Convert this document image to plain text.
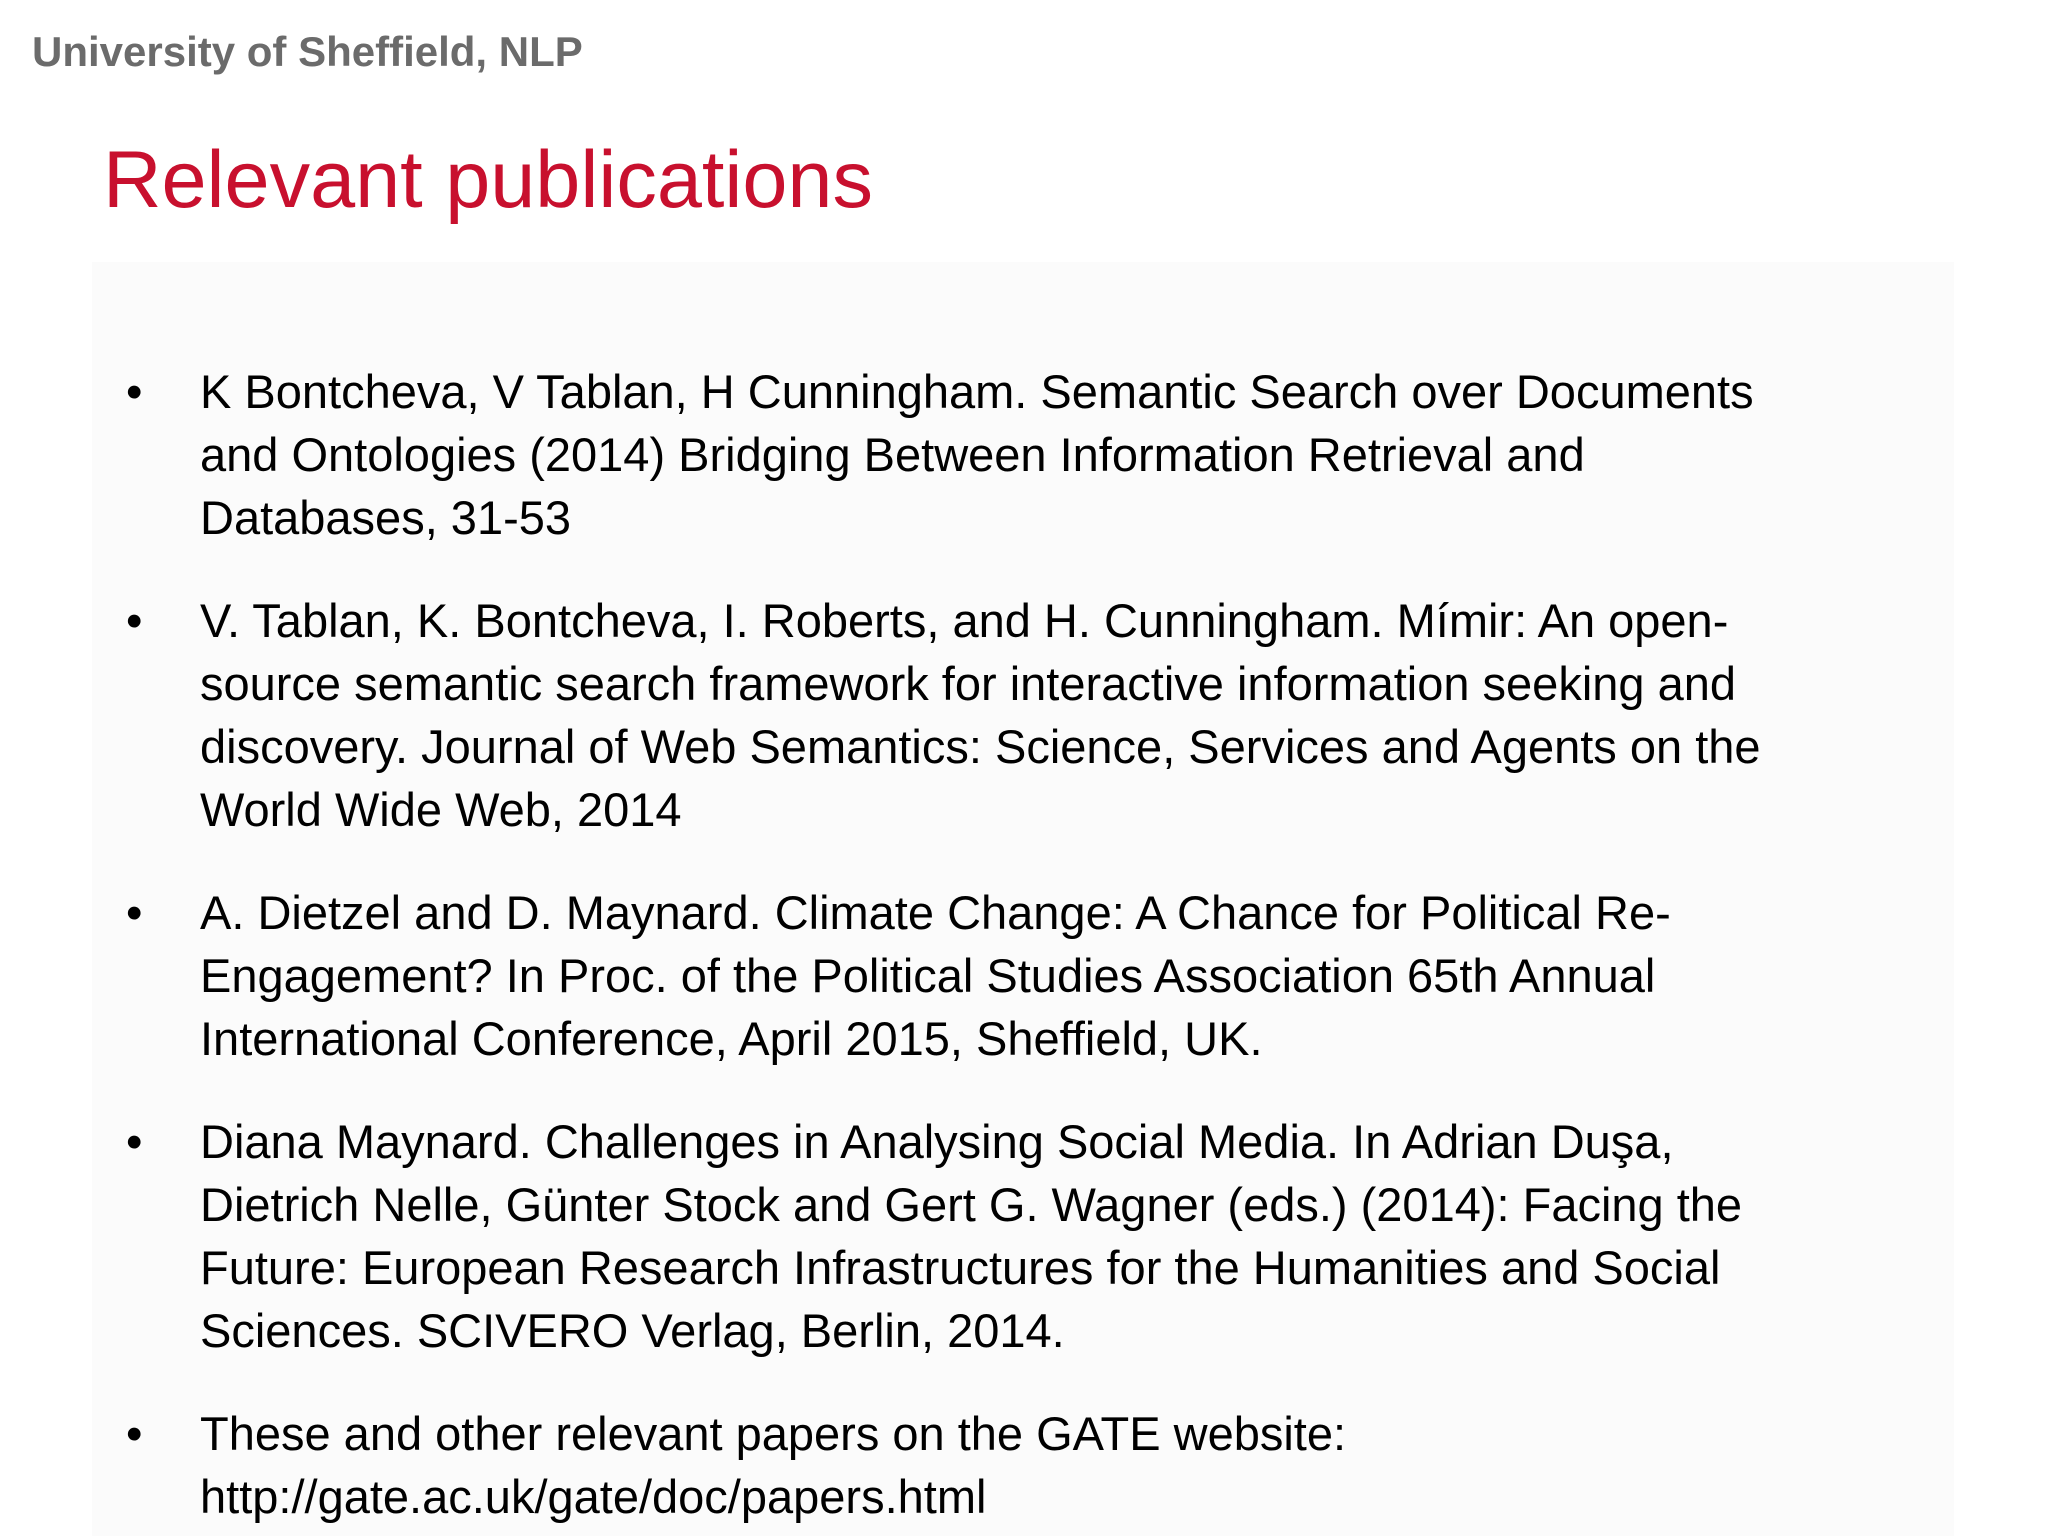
University of Sheffield, NLP
Relevant publications
• K Bontcheva, V Tablan, H Cunningham. Semantic Search over Documents
and Ontologies (2014) Bridging Between Information Retrieval and
Databases, 31-53
• V. Tablan, K. Bontcheva, I. Roberts, and H. Cunningham. Mímir: An open-
source semantic search framework for interactive information seeking and
discovery. Journal of Web Semantics: Science, Services and Agents on the
World Wide Web, 2014
• A. Dietzel and D. Maynard. Climate Change: A Chance for Political Re-
Engagement? In Proc. of the Political Studies Association 65th Annual
International Conference, April 2015, Sheffield, UK.
• Diana Maynard. Challenges in Analysing Social Media. In Adrian Duşa,
Dietrich Nelle, Günter Stock and Gert G. Wagner (eds.) (2014): Facing the
Future: European Research Infrastructures for the Humanities and Social
Sciences. SCIVERO Verlag, Berlin, 2014.
• These and other relevant papers on the GATE website:
http://gate.ac.uk/gate/doc/papers.html
